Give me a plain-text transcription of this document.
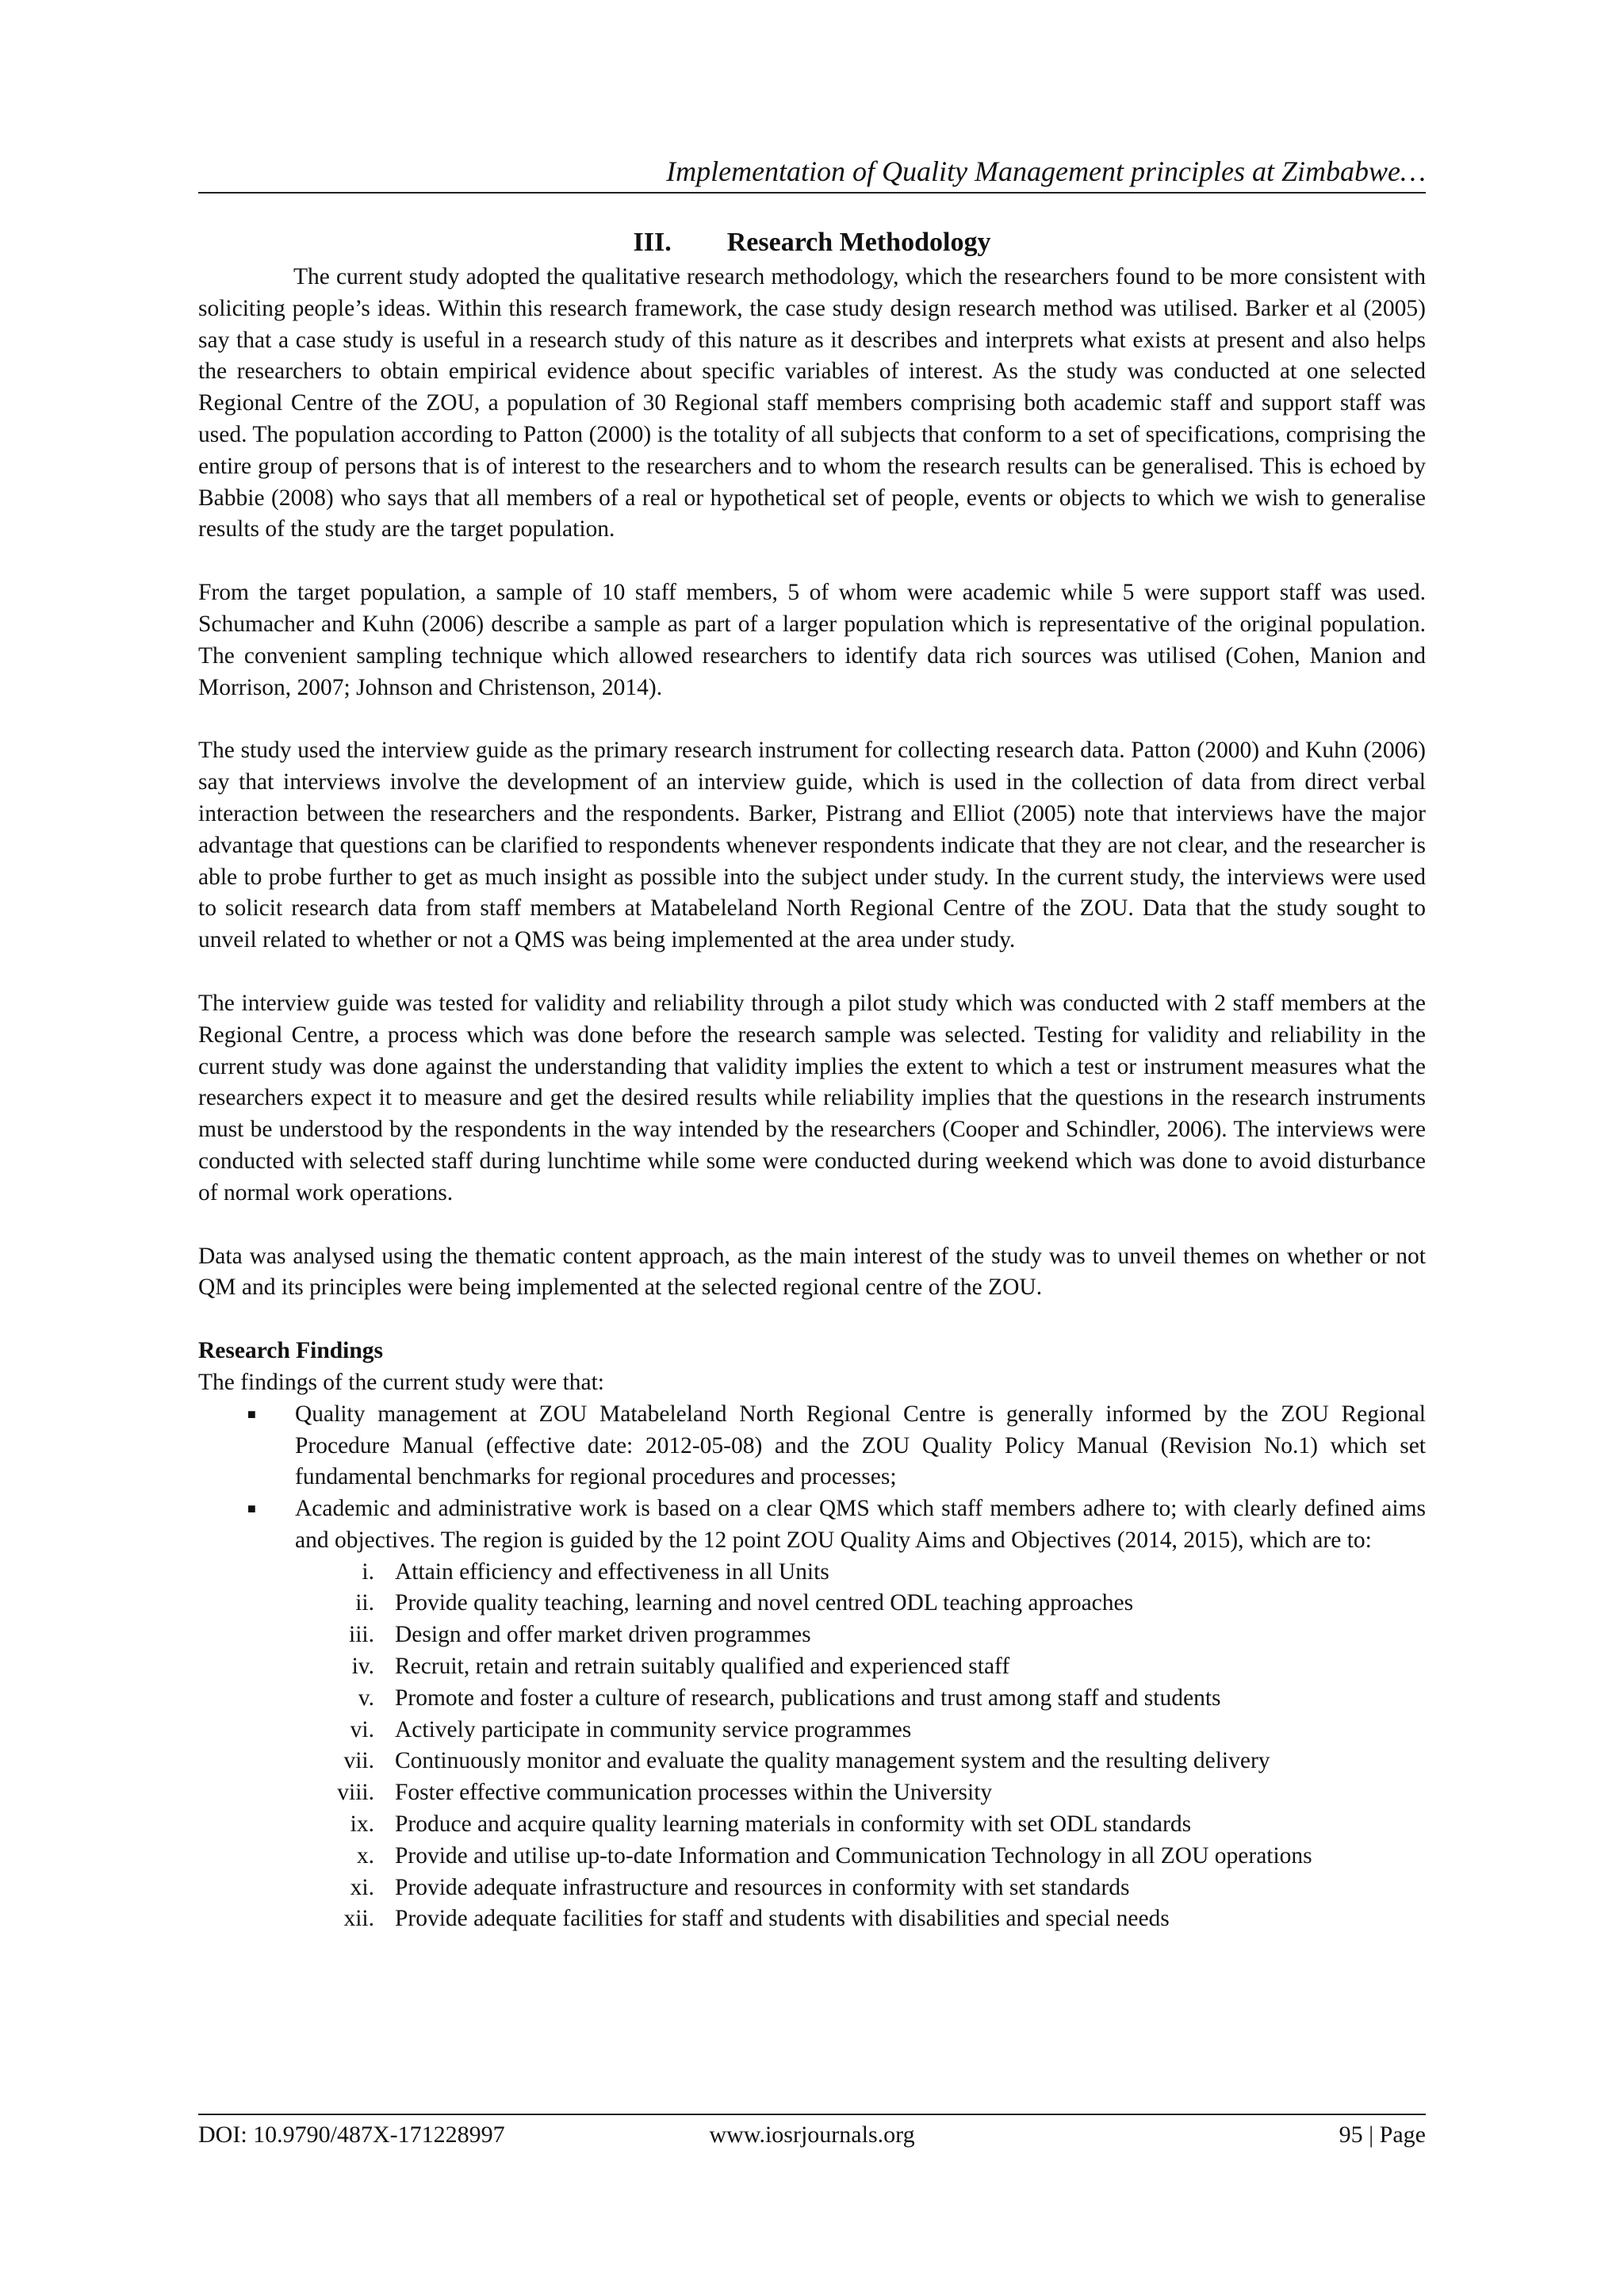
Implementation of Quality Management principles at Zimbabwe…
III. Research Methodology

The current study adopted the qualitative research methodology, which the researchers found to be more consistent with soliciting people’s ideas. Within this research framework, the case study design research method was utilised. Barker et al (2005) say that a case study is useful in a research study of this nature as it describes and interprets what exists at present and also helps the researchers to obtain empirical evidence about specific variables of interest. As the study was conducted at one selected Regional Centre of the ZOU, a population of 30 Regional staff members comprising both academic staff and support staff was used. The population according to Patton (2000) is the totality of all subjects that conform to a set of specifications, comprising the entire group of persons that is of interest to the researchers and to whom the research results can be generalised. This is echoed by Babbie (2008) who says that all members of a real or hypothetical set of people, events or objects to which we wish to generalise results of the study are the target population.

From the target population, a sample of 10 staff members, 5 of whom were academic while 5 were support staff was used. Schumacher and Kuhn (2006) describe a sample as part of a larger population which is representative of the original population. The convenient sampling technique which allowed researchers to identify data rich sources was utilised (Cohen, Manion and Morrison, 2007; Johnson and Christenson, 2014).

The study used the interview guide as the primary research instrument for collecting research data. Patton (2000) and Kuhn (2006) say that interviews involve the development of an interview guide, which is used in the collection of data from direct verbal interaction between the researchers and the respondents. Barker, Pistrang and Elliot (2005) note that interviews have the major advantage that questions can be clarified to respondents whenever respondents indicate that they are not clear, and the researcher is able to probe further to get as much insight as possible into the subject under study. In the current study, the interviews were used to solicit research data from staff members at Matabeleland North Regional Centre of the ZOU. Data that the study sought to unveil related to whether or not a QMS was being implemented at the area under study.

The interview guide was tested for validity and reliability through a pilot study which was conducted with 2 staff members at the Regional Centre, a process which was done before the research sample was selected. Testing for validity and reliability in the current study was done against the understanding that validity implies the extent to which a test or instrument measures what the researchers expect it to measure and get the desired results while reliability implies that the questions in the research instruments must be understood by the respondents in the way intended by the researchers (Cooper and Schindler, 2006). The interviews were conducted with selected staff during lunchtime while some were conducted during weekend which was done to avoid disturbance of normal work operations.

Data was analysed using the thematic content approach, as the main interest of the study was to unveil themes on whether or not QM and its principles were being implemented at the selected regional centre of the ZOU.

Research Findings

The findings of the current study were that:

■ Quality management at ZOU Matabeleland North Regional Centre is generally informed by the ZOU Regional Procedure Manual (effective date: 2012-05-08) and the ZOU Quality Policy Manual (Revision No.1) which set fundamental benchmarks for regional procedures and processes;
■ Academic and administrative work is based on a clear QMS which staff members adhere to; with clearly defined aims and objectives. The region is guided by the 12 point ZOU Quality Aims and Objectives (2014, 2015), which are to:
i. Attain efficiency and effectiveness in all Units
ii. Provide quality teaching, learning and novel centred ODL teaching approaches
iii. Design and offer market driven programmes
iv. Recruit, retain and retrain suitably qualified and experienced staff
v. Promote and foster a culture of research, publications and trust among staff and students
vi. Actively participate in community service programmes
vii. Continuously monitor and evaluate the quality management system and the resulting delivery
viii. Foster effective communication processes within the University
ix. Produce and acquire quality learning materials in conformity with set ODL standards
x. Provide and utilise up-to-date Information and Communication Technology in all ZOU operations
xi. Provide adequate infrastructure and resources in conformity with set standards
xii. Provide adequate facilities for staff and students with disabilities and special needs
DOI: 10.9790/487X-171228997	www.iosrjournals.org	95 | Page
